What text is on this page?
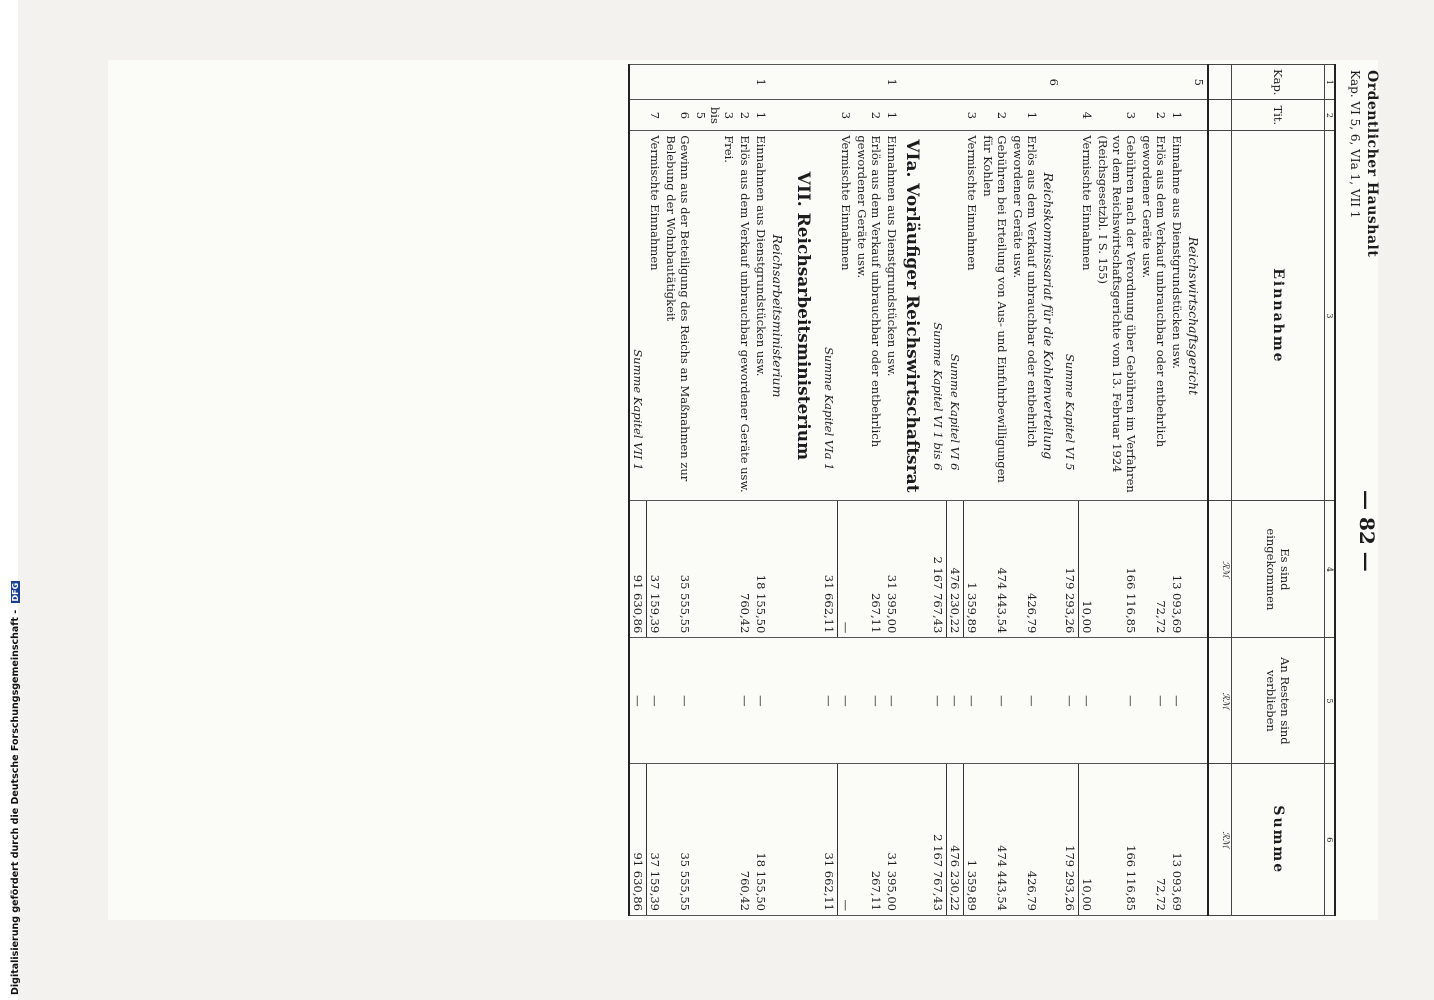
Digitalisierung gefördert durch die Deutsche Forschungsgemeinschaft - DFG
Ordentlicher Haushalt
Kap. VI 5, 6, VIa 1, VII 1
— 82 —
1	2	3	4	5	6
Kap.	Tit.	Einnahme	Es sind eingekommen	An Resten sind verblieben	Summe
			ℛℳ	ℛℳ	ℛℳ
5		Reichswirtschaftsgericht			
	1	Einnahme aus Dienstgrundstücken usw.	13 093,69	—	13 093,69
	2	Erlös aus dem Verkauf unbrauchbar oder entbehrlich gewordener Geräte usw.	72,72	—	72,72
	3	Gebühren nach der Verordnung über Gebühren im Verfahren vor dem Reichswirtschaftsgerichte vom 13. Februar 1924 (Reichsgesetzbl. I S. 155)	166 116,85	—	166 116,85
	4	Vermischte Einnahmen	10,00	—	10,00
		Summe Kapitel VI 5	179 293,26	—	179 293,26
6		Reichskommissariat für die Kohlenverteilung			
	1	Erlös aus dem Verkauf unbrauchbar oder entbehrlich gewordener Geräte usw.	426,79	—	426,79
	2	Gebühren bei Erteilung von Aus- und Einfuhrbewilligungen für Kohlen	474 443,54	—	474 443,54
	3	Vermischte Einnahmen	1 359,89	—	1 359,89
		Summe Kapitel VI 6	476 230,22	—	476 230,22
		Summe Kapitel VI 1 bis 6	2 167 767,43	—	2 167 767,43
		VIa. Vorläufiger Reichswirtschaftsrat			
1	1	Einnahmen aus Dienstgrundstücken usw.	31 395,00	—	31 395,00
	2	Erlös aus dem Verkauf unbrauchbar oder entbehrlich gewordener Geräte usw.	267,11	—	267,11
	3	Vermischte Einnahmen	—	—	—
		Summe Kapitel VIa 1	31 662,11	—	31 662,11
		VII. Reichsarbeitsministerium			
		Reichsarbeitsministerium			
1	1	Einnahmen aus Dienstgrundstücken usw.	18 155,50	—	18 155,50
	2	Erlös aus dem Verkauf unbrauchbar gewordener Geräte usw.	760,42	—	760,42
	3 bis 5	Frei.			
	6	Gewinn aus der Beteiligung des Reichs an Maßnahmen zur Belebung der Wohnbautätigkeit	35 555,55	—	35 555,55
	7	Vermischte Einnahmen	37 159,39	—	37 159,39
		Summe Kapitel VII 1	91 630,86	—	91 630,86
